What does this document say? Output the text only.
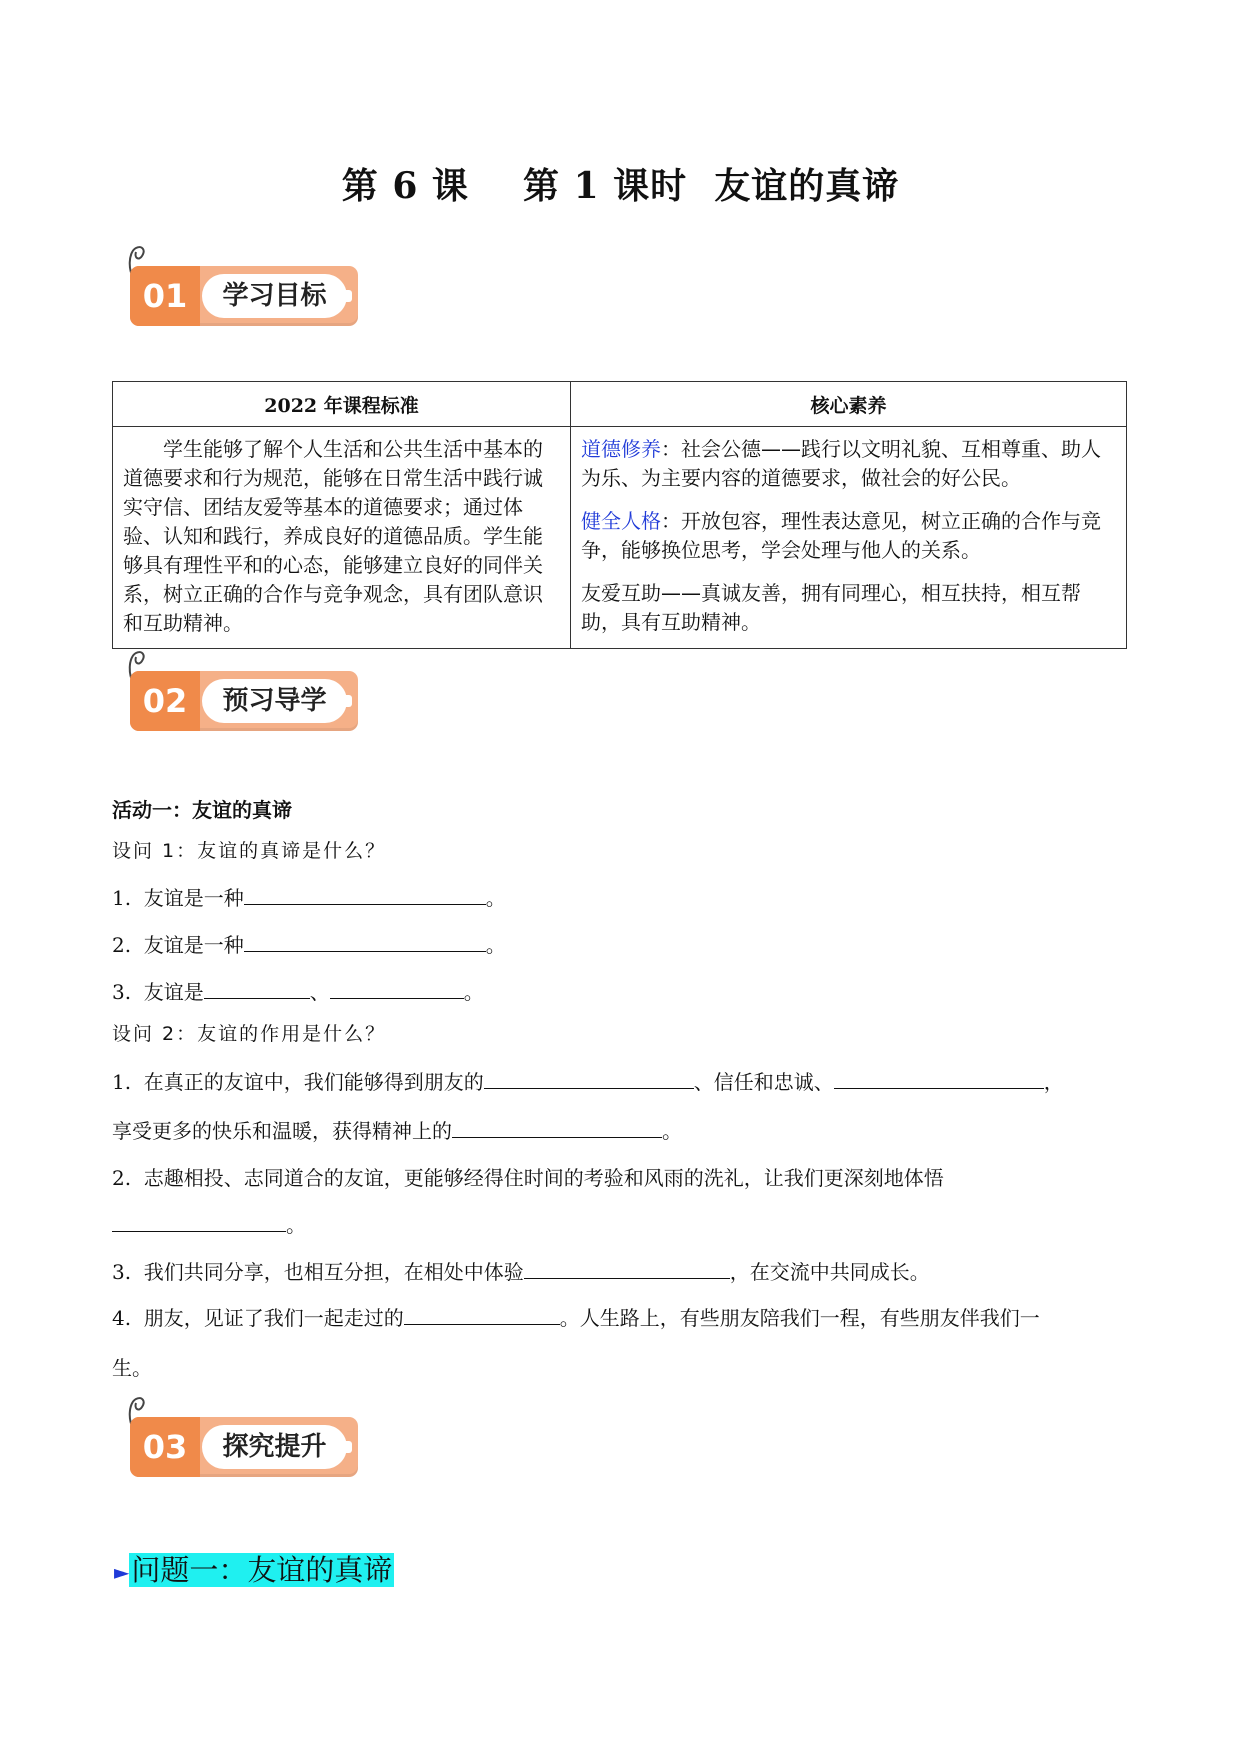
第 6 课    第 1 课时  友谊的真谛
01	学习目标
2022 年课程标准	核心素养
学生能够了解个人生活和公共生活中基本的道德要求和行为规范，能够在日常生活中践行诚实守信、团结友爱等基本的道德要求；通过体验、认知和践行，养成良好的道德品质。学生能够具有理性平和的心态，能够建立良好的同伴关系，树立正确的合作与竞争观念，具有团队意识和互助精神。	道德修养：社会公德——践行以文明礼貌、互相尊重、助人为乐、为主要内容的道德要求，做社会的好公民。

健全人格：开放包容，理性表达意见，树立正确的合作与竞争，能够换位思考，学会处理与他人的关系。

友爱互助——真诚友善，拥有同理心，相互扶持，相互帮助，具有互助精神。

02	预习导学
活动一：友谊的真谛
设问 1：友谊的真谛是什么？
1.  友谊是一种	。
2.  友谊是一种	。
3.  友谊是	、	。
设问 2：友谊的作用是什么？
1.  在真正的友谊中，我们能够得到朋友的	、信任和忠诚、	，
享受更多的快乐和温暖，获得精神上的	。
2.  志趣相投、志同道合的友谊，更能够经得住时间的考验和风雨的洗礼，让我们更深刻地体悟
。
3.  我们共同分享，也相互分担，在相处中体验	，在交流中共同成长。
4.  朋友，见证了我们一起走过的	。人生路上，有些朋友陪我们一程，有些朋友伴我们一
生。
03	探究提升
►问题一：友谊的真谛
